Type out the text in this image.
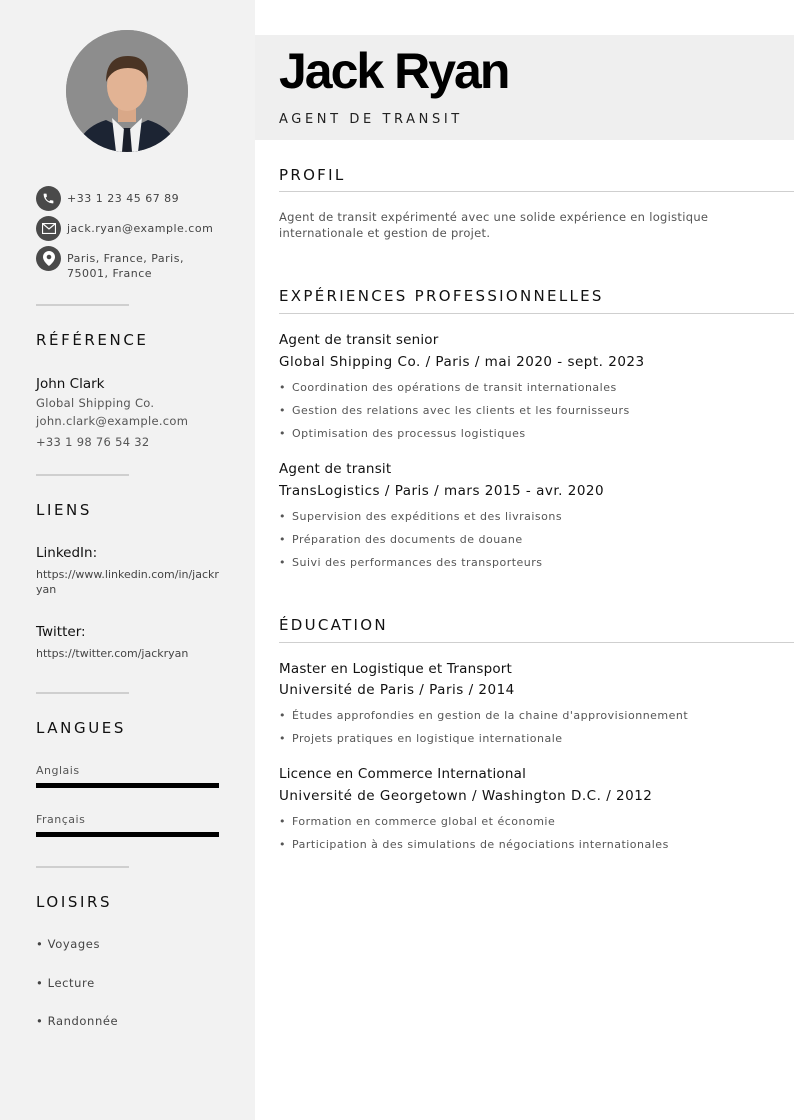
+33 1 23 45 67 89
jack.ryan@example.com
Paris, France, Paris,
75001, France
RÉFÉRENCE
John Clark
Global Shipping Co.
john.clark@example.com
+33 1 98 76 54 32
LIENS
LinkedIn:
https://www.linkedin.com/in/jackryan
Twitter:
https://twitter.com/jackryan
LANGUES
Anglais
Français
LOISIRS
• Voyages
• Lecture
• Randonnée
Jack Ryan
AGENT DE TRANSIT
PROFIL
Agent de transit expérimenté avec une solide expérience en logistique internationale et gestion de projet.
EXPÉRIENCES PROFESSIONNELLES
Agent de transit senior
Global Shipping Co. / Paris / mai 2020 - sept. 2023
• Coordination des opérations de transit internationales
• Gestion des relations avec les clients et les fournisseurs
• Optimisation des processus logistiques
Agent de transit
TransLogistics / Paris / mars 2015 - avr. 2020
• Supervision des expéditions et des livraisons
• Préparation des documents de douane
• Suivi des performances des transporteurs
ÉDUCATION
Master en Logistique et Transport
Université de Paris / Paris / 2014
• Études approfondies en gestion de la chaine d'approvisionnement
• Projets pratiques en logistique internationale
Licence en Commerce International
Université de Georgetown / Washington D.C. / 2012
• Formation en commerce global et économie
• Participation à des simulations de négociations internationales
